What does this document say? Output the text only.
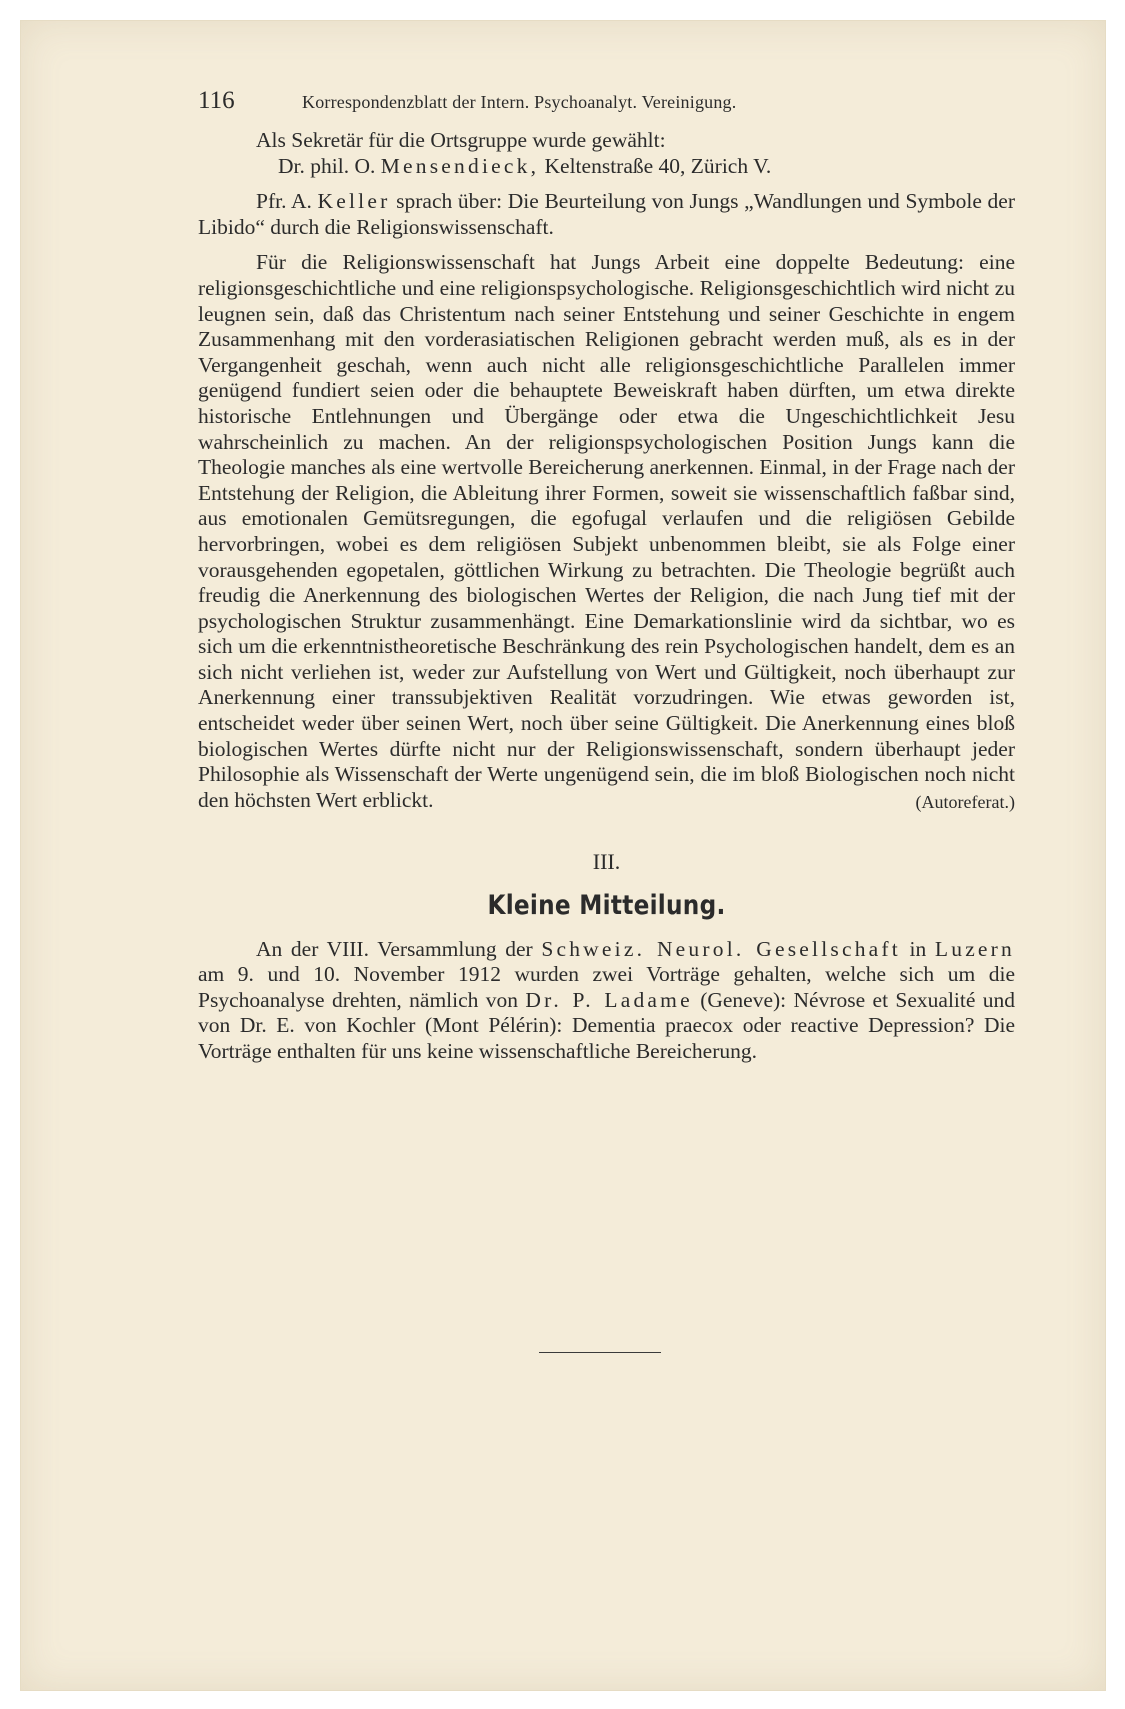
116	Korrespondenzblatt der Intern. Psychoanalyt. Vereinigung.
Als Sekretär für die Ortsgruppe wurde gewählt:
Dr. phil. O. Mensendieck, Keltenstraße 40, Zürich V.

Pfr. A. Keller sprach über: Die Beurteilung von Jungs „Wandlungen und Symbole der Libido“ durch die Religionswissenschaft.

Für die Religionswissenschaft hat Jungs Arbeit eine doppelte Bedeutung: eine religionsgeschichtliche und eine religionspsychologische. Religionsgeschichtlich wird nicht zu leugnen sein, daß das Christentum nach seiner Entstehung und seiner Geschichte in engem Zusammenhang mit den vorderasiatischen Religionen gebracht werden muß, als es in der Vergangenheit geschah, wenn auch nicht alle religionsgeschichtliche Parallelen immer genügend fundiert seien oder die behauptete Beweiskraft haben dürften, um etwa direkte historische Entlehnungen und Übergänge oder etwa die Ungeschichtlichkeit Jesu wahrscheinlich zu machen. An der religionspsychologischen Position Jungs kann die Theologie manches als eine wertvolle Bereicherung anerkennen. Einmal, in der Frage nach der Entstehung der Religion, die Ableitung ihrer Formen, soweit sie wissenschaftlich faßbar sind, aus emotionalen Gemütsregungen, die egofugal verlaufen und die religiösen Gebilde hervorbringen, wobei es dem religiösen Subjekt unbenommen bleibt, sie als Folge einer vorausgehenden egopetalen, göttlichen Wirkung zu betrachten. Die Theologie begrüßt auch freudig die Anerkennung des biologischen Wertes der Religion, die nach Jung tief mit der psychologischen Struktur zusammenhängt. Eine Demarkationslinie wird da sichtbar, wo es sich um die erkenntnistheoretische Beschränkung des rein Psychologischen handelt, dem es an sich nicht verliehen ist, weder zur Aufstellung von Wert und Gültigkeit, noch überhaupt zur Anerkennung einer transsubjektiven Realität vorzudringen. Wie etwas geworden ist, entscheidet weder über seinen Wert, noch über seine Gültigkeit. Die Anerkennung eines bloß biologischen Wertes dürfte nicht nur der Religionswissenschaft, sondern überhaupt jeder Philosophie als Wissenschaft der Werte ungenügend sein, die im bloß Biologischen noch nicht den höchsten Wert erblickt.	(Autoreferat.)

III.
Kleine Mitteilung.

An der VIII. Versammlung der Schweiz. Neurol. Gesellschaft in Luzern am 9. und 10. November 1912 wurden zwei Vorträge gehalten, welche sich um die Psychoanalyse drehten, nämlich von Dr. P. Ladame (Geneve): Névrose et Sexualité und von Dr. E. von Kochler (Mont Pélérin): Dementia praecox oder reactive Depression? Die Vorträge enthalten für uns keine wissenschaftliche Bereicherung.
